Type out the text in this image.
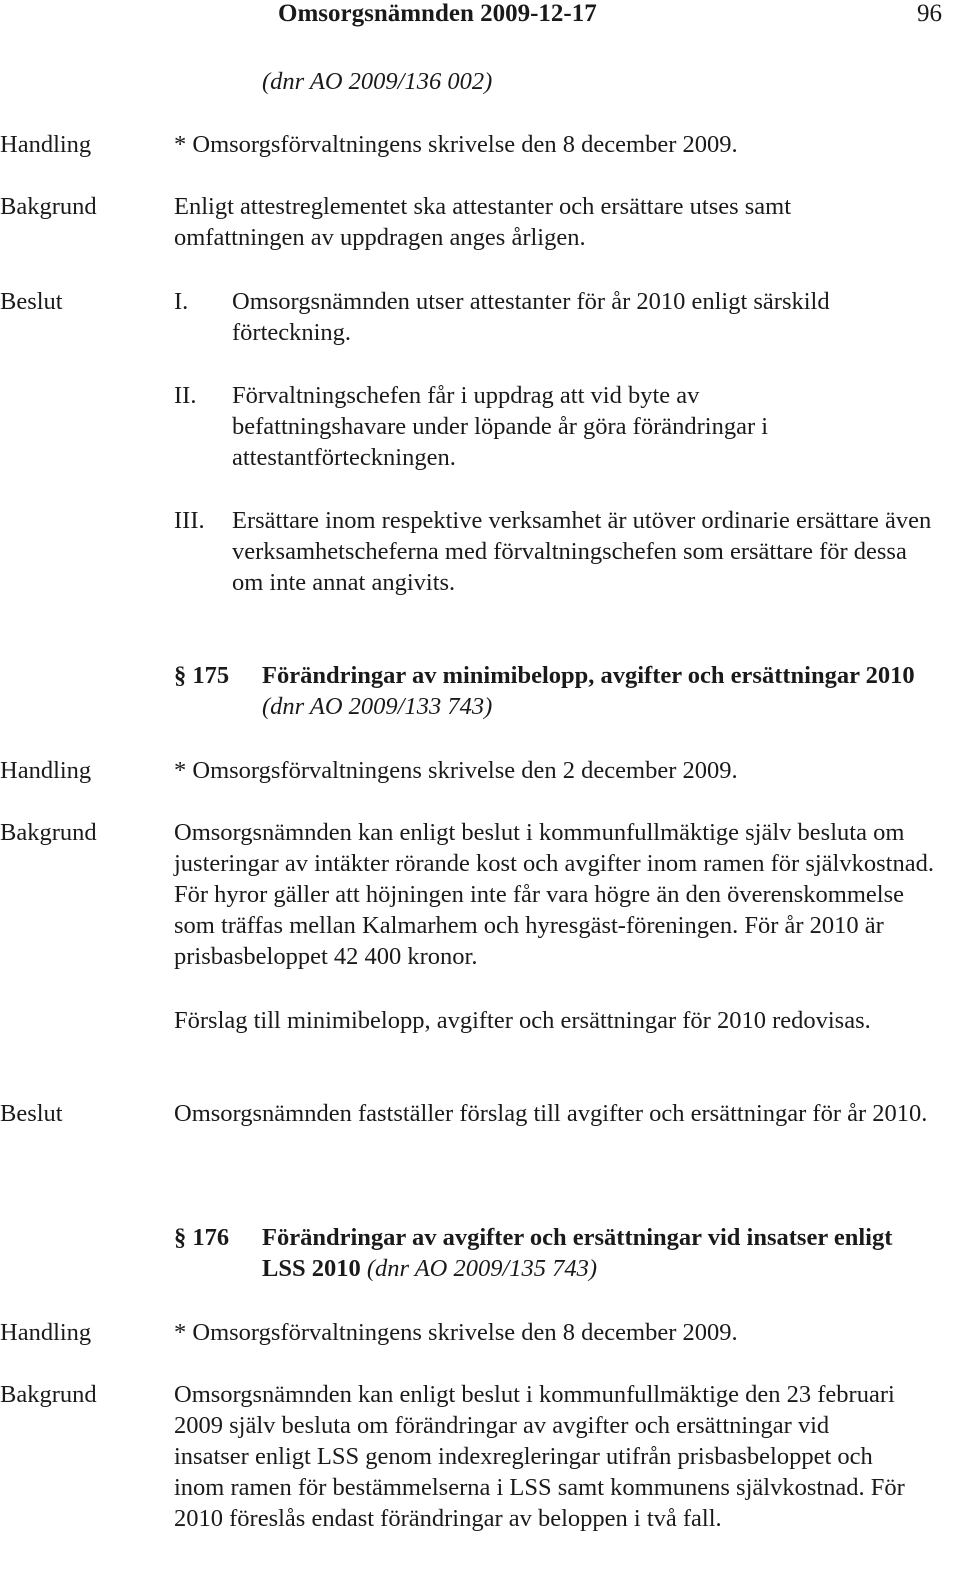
Omsorgsnämnden 2009-12-17	96
(dnr AO 2009/136 002)
Handling	* Omsorgsförvaltningens skrivelse den 8 december 2009.
Bakgrund	Enligt attestreglementet ska attestanter och ersättare utses samt omfattningen av uppdragen anges årligen.
Beslut	I. Omsorgsnämnden utser attestanter för år 2010 enligt särskild förteckning.
II. Förvaltningschefen får i uppdrag att vid byte av befattningshavare under löpande år göra förändringar i attestantförteckningen.
III. Ersättare inom respektive verksamhet är utöver ordinarie ersättare även verksamhetscheferna med förvaltningschefen som ersättare för dessa om inte annat angivits.
§ 175 Förändringar av minimibelopp, avgifter och ersättningar 2010 (dnr AO 2009/133 743)
Handling	* Omsorgsförvaltningens skrivelse den 2 december 2009.
Bakgrund	Omsorgsnämnden kan enligt beslut i kommunfullmäktige själv besluta om justeringar av intäkter rörande kost och avgifter inom ramen för självkostnad. För hyror gäller att höjningen inte får vara högre än den överenskommelse som träffas mellan Kalmarhem och hyresgäst-föreningen. För år 2010 är prisbasbeloppet 42 400 kronor.
Förslag till minimibelopp, avgifter och ersättningar för 2010 redovisas.
Beslut	Omsorgsnämnden fastställer förslag till avgifter och ersättningar för år 2010.
§ 176 Förändringar av avgifter och ersättningar vid insatser enligt LSS 2010 (dnr AO 2009/135 743)
Handling	* Omsorgsförvaltningens skrivelse den 8 december 2009.
Bakgrund	Omsorgsnämnden kan enligt beslut i kommunfullmäktige den 23 februari 2009 själv besluta om förändringar av avgifter och ersättningar vid insatser enligt LSS genom indexregleringar utifrån prisbasbeloppet och inom ramen för bestämmelserna i LSS samt kommunens självkostnad. För 2010 föreslås endast förändringar av beloppen i två fall.
